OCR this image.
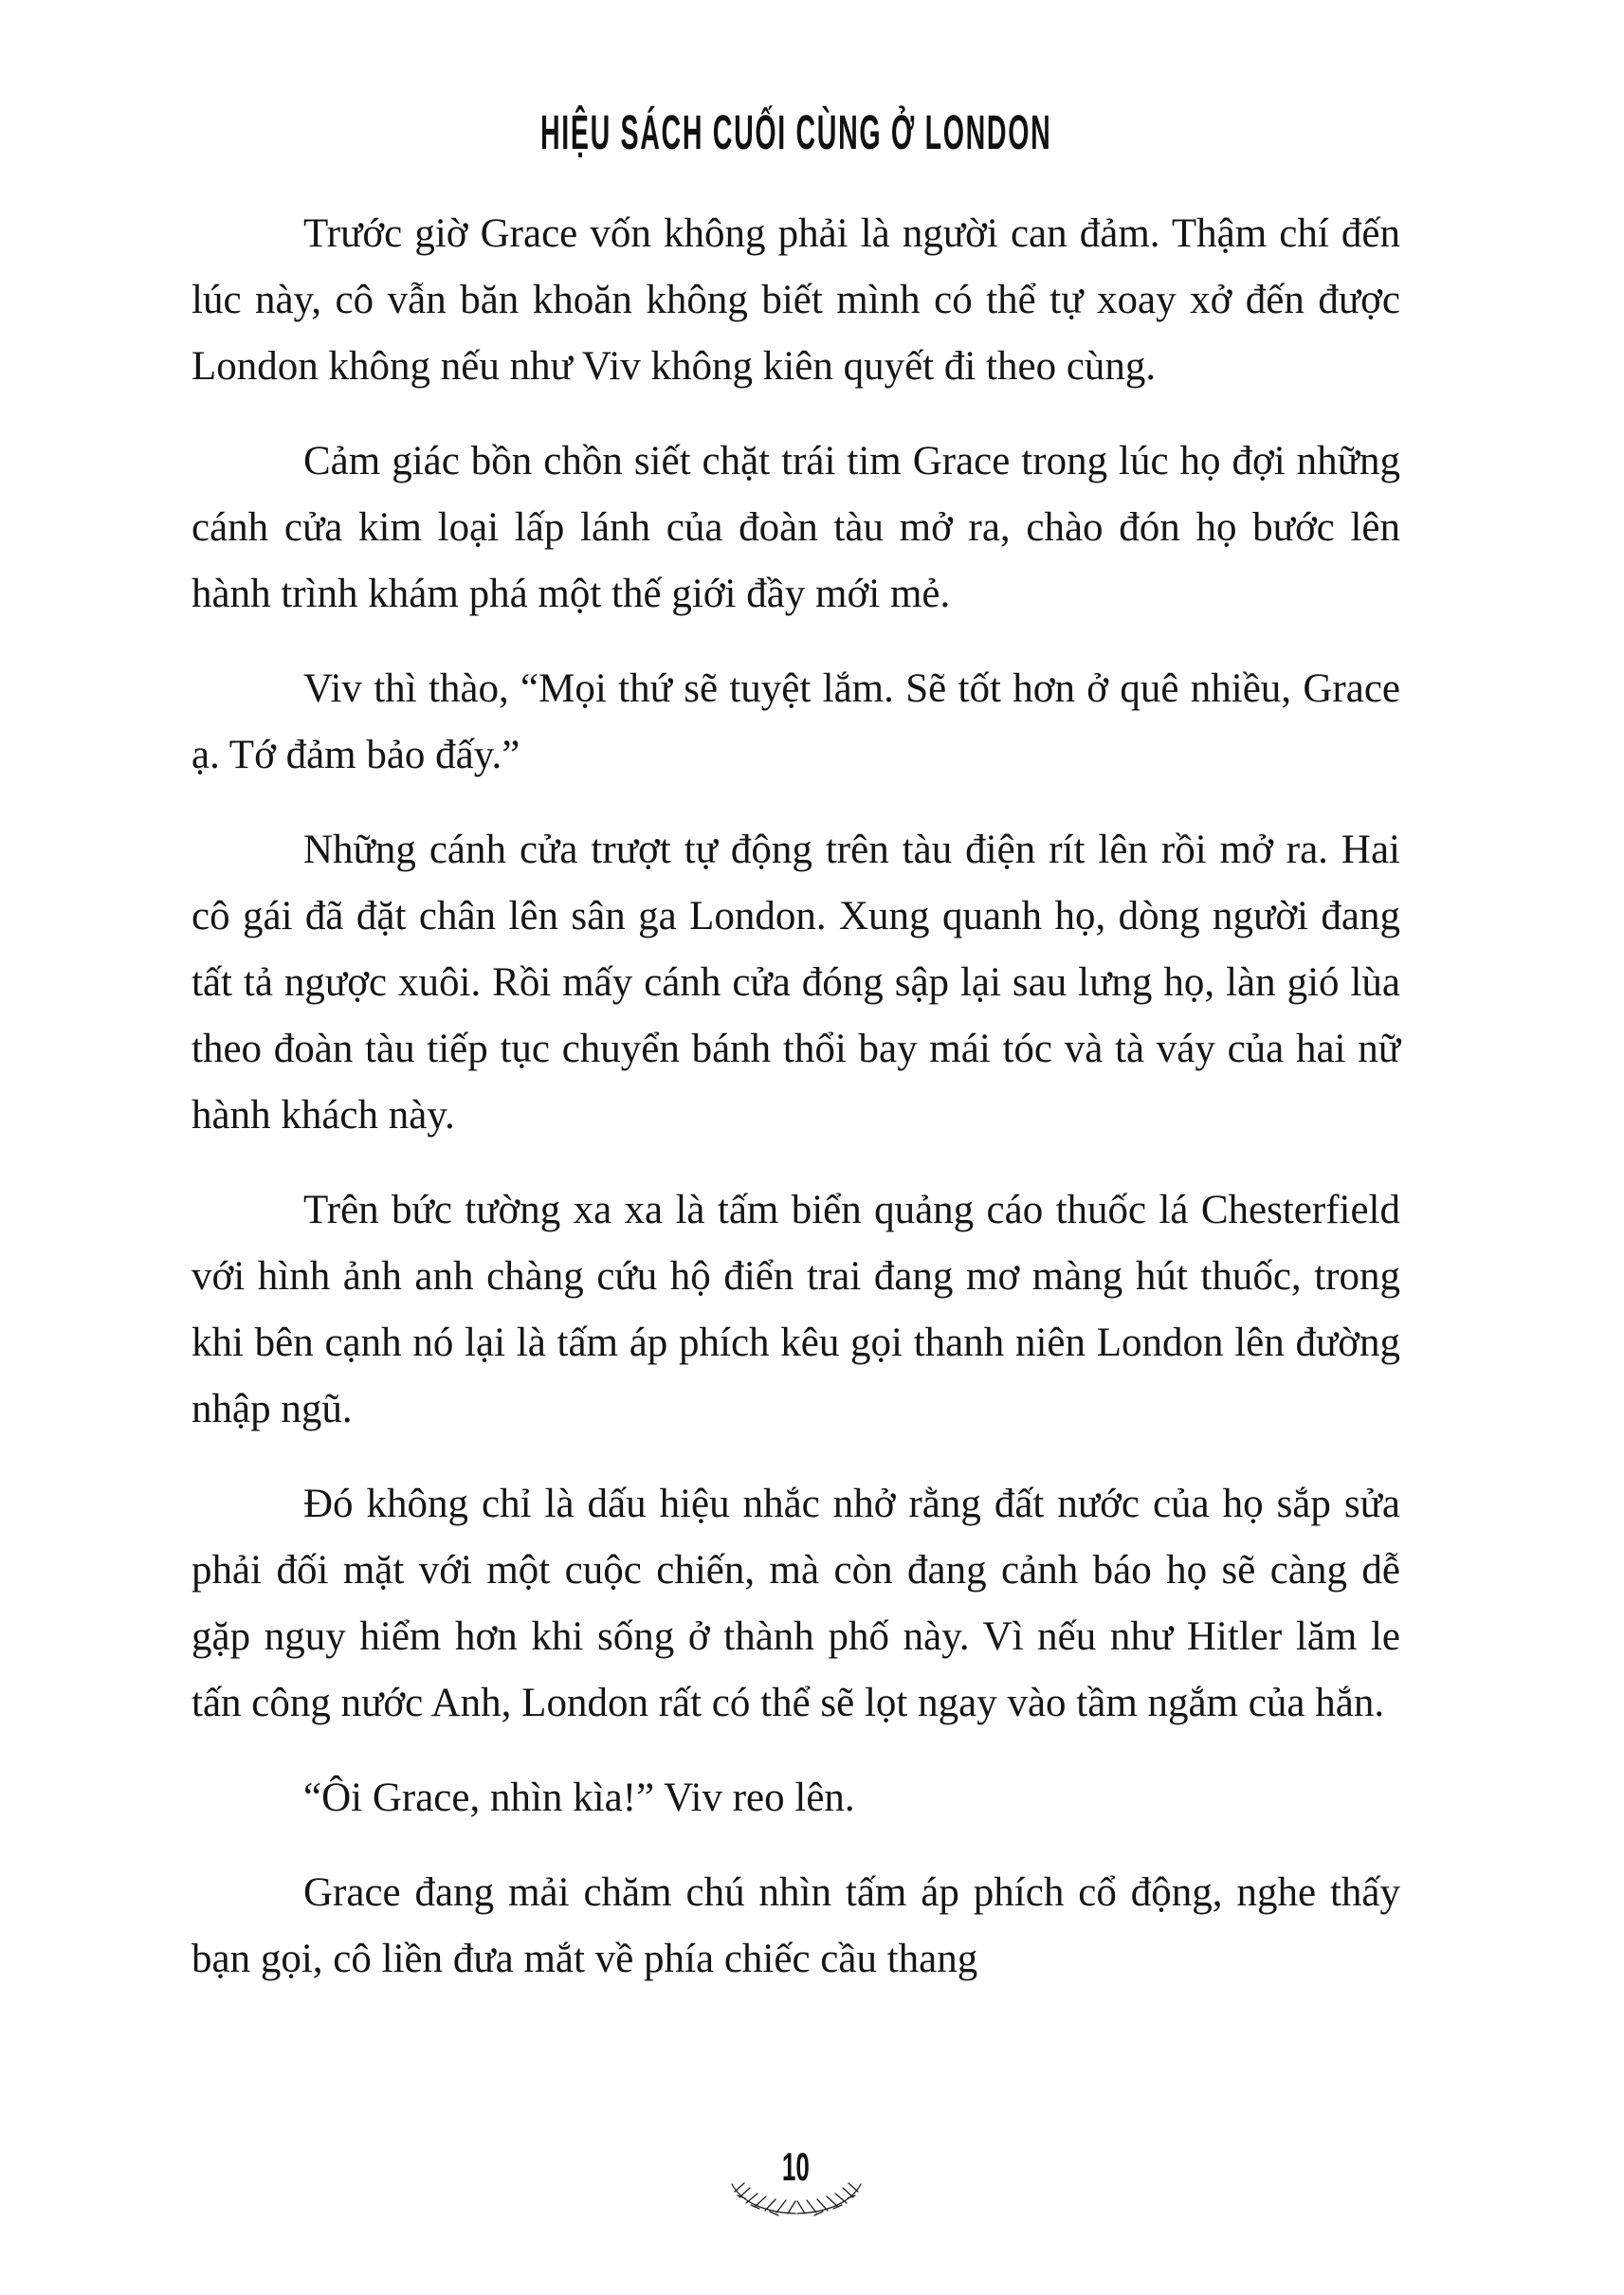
HIỆU SÁCH CUỐI CÙNG Ở LONDON

Trước giờ Grace vốn không phải là người can đảm. Thậm chí đến lúc này, cô vẫn băn khoăn không biết mình có thể tự xoay xở đến được London không nếu như Viv không kiên quyết đi theo cùng.

Cảm giác bồn chồn siết chặt trái tim Grace trong lúc họ đợi những cánh cửa kim loại lấp lánh của đoàn tàu mở ra, chào đón họ bước lên hành trình khám phá một thế giới đầy mới mẻ.

Viv thì thào, “Mọi thứ sẽ tuyệt lắm. Sẽ tốt hơn ở quê nhiều, Grace ạ. Tớ đảm bảo đấy.”

Những cánh cửa trượt tự động trên tàu điện rít lên rồi mở ra. Hai cô gái đã đặt chân lên sân ga London. Xung quanh họ, dòng người đang tất tả ngược xuôi. Rồi mấy cánh cửa đóng sập lại sau lưng họ, làn gió lùa theo đoàn tàu tiếp tục chuyển bánh thổi bay mái tóc và tà váy của hai nữ hành khách này.

Trên bức tường xa xa là tấm biển quảng cáo thuốc lá Chesterfield với hình ảnh anh chàng cứu hộ điển trai đang mơ màng hút thuốc, trong khi bên cạnh nó lại là tấm áp phích kêu gọi thanh niên London lên đường nhập ngũ.

Đó không chỉ là dấu hiệu nhắc nhở rằng đất nước của họ sắp sửa phải đối mặt với một cuộc chiến, mà còn đang cảnh báo họ sẽ càng dễ gặp nguy hiểm hơn khi sống ở thành phố này. Vì nếu như Hitler lăm le tấn công nước Anh, London rất có thể sẽ lọt ngay vào tầm ngắm của hắn.

“Ôi Grace, nhìn kìa!” Viv reo lên.

Grace đang mải chăm chú nhìn tấm áp phích cổ động, nghe thấy bạn gọi, cô liền đưa mắt về phía chiếc cầu thang

10
